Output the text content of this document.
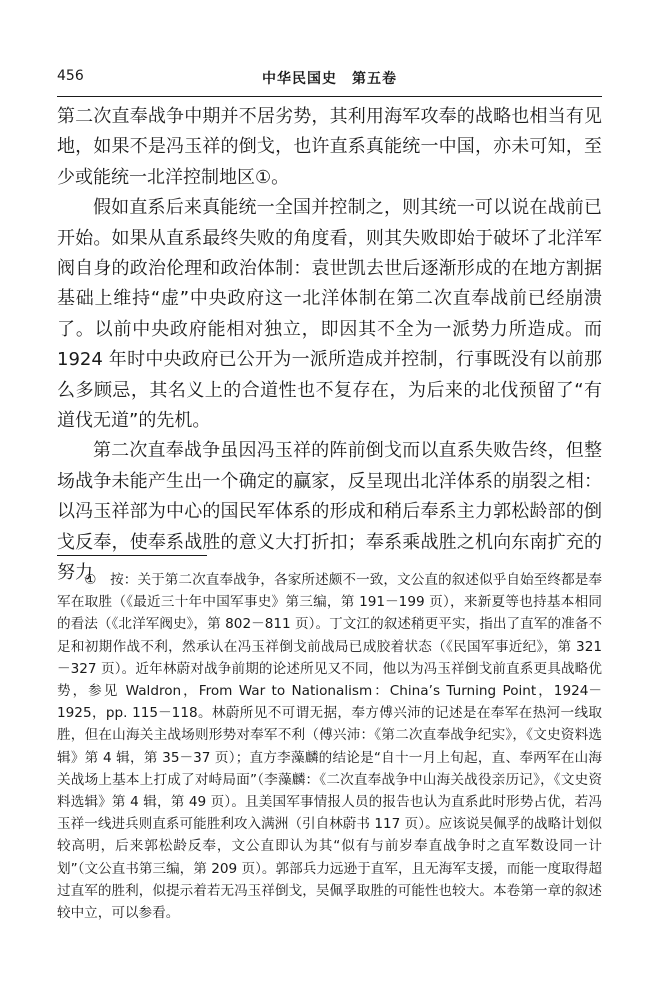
456	中华民国史　第五卷

第二次直奉战争中期并不居劣势，其利用海军攻奉的战略也相当有见地，如果不是冯玉祥的倒戈，也许直系真能统一中国，亦未可知，至少或能统一北洋控制地区①。

假如直系后来真能统一全国并控制之，则其统一可以说在战前已开始。如果从直系最终失败的角度看，则其失败即始于破坏了北洋军阀自身的政治伦理和政治体制：袁世凯去世后逐渐形成的在地方割据基础上维持“虚”中央政府这一北洋体制在第二次直奉战前已经崩溃了。以前中央政府能相对独立，即因其不全为一派势力所造成。而 1924 年时中央政府已公开为一派所造成并控制，行事既没有以前那么多顾忌，其名义上的合道性也不复存在，为后来的北伐预留了“有道伐无道”的先机。

第二次直奉战争虽因冯玉祥的阵前倒戈而以直系失败告终，但整场战争未能产生出一个确定的赢家，反呈现出北洋体系的崩裂之相：以冯玉祥部为中心的国民军体系的形成和稍后奉系主力郭松龄部的倒戈反奉，使奉系战胜的意义大打折扣；奉系乘战胜之机向东南扩充的努力

①　按：关于第二次直奉战争，各家所述颇不一致，文公直的叙述似乎自始至终都是奉军在取胜（《最近三十年中国军事史》第三编，第 191－199 页），来新夏等也持基本相同的看法（《北洋军阀史》，第 802－811 页）。丁文江的叙述稍更平实，指出了直军的准备不足和初期作战不利，然承认在冯玉祥倒戈前战局已成胶着状态（《民国军事近纪》，第 321－327 页）。近年林蔚对战争前期的论述所见又不同，他以为冯玉祥倒戈前直系更具战略优势，参见 Waldron，From War to Nationalism：China’s Turning Point，1924－1925，pp. 115－118。林蔚所见不可谓无据，奉方傅兴沛的记述是在奉军在热河一线取胜，但在山海关主战场则形势对奉军不利（傅兴沛：《第二次直奉战争纪实》，《文史资料选辑》第 4 辑，第 35－37 页）；直方李藻麟的结论是“自十一月上旬起，直、奉两军在山海关战场上基本上打成了对峙局面”（李藻麟：《二次直奉战争中山海关战役亲历记》，《文史资料选辑》第 4 辑，第 49 页）。且美国军事情报人员的报告也认为直系此时形势占优，若冯玉祥一线进兵则直系可能胜利攻入满洲（引自林蔚书 117 页）。应该说吴佩孚的战略计划似较高明，后来郭松龄反奉，文公直即认为其“似有与前岁奉直战争时之直军数设同一计划”（文公直书第三编，第 209 页）。郭部兵力远逊于直军，且无海军支援，而能一度取得超过直军的胜利，似提示着若无冯玉祥倒戈，吴佩孚取胜的可能性也较大。本卷第一章的叙述较中立，可以参看。
